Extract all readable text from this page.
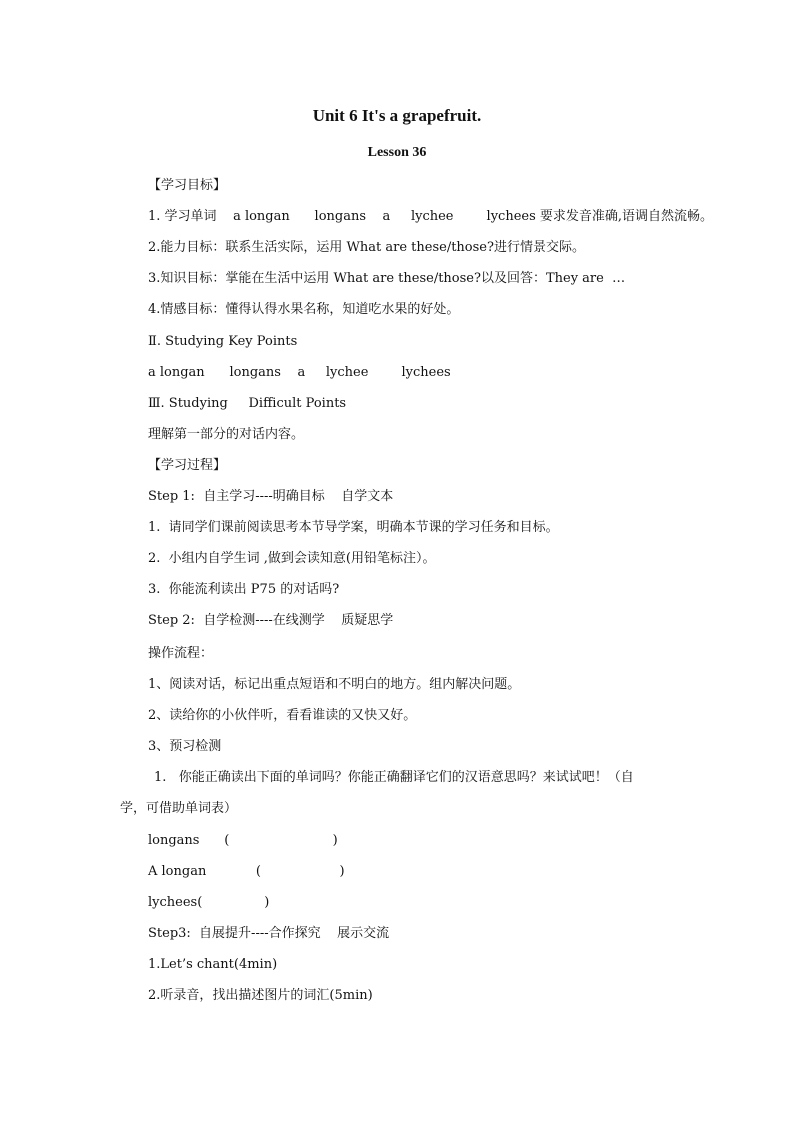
Unit 6 It's a grapefruit.
Lesson 36
【学习目标】
1. 学习单词    a longan      longans    a     lychee        lychees 要求发音准确,语调自然流畅。
2.能力目标：联系生活实际，运用 What are these/those?进行情景交际。
3.知识目标：掌能在生活中运用 What are these/those?以及回答：They are  …
4.情感目标：懂得认得水果名称，知道吃水果的好处。
Ⅱ. Studying Key Points
a longan      longans    a     lychee        lychees
Ⅲ. Studying     Difficult Points
理解第一部分的对话内容。
【学习过程】
Step 1:  自主学习----明确目标    自学文本
1.  请同学们课前阅读思考本节导学案，明确本节课的学习任务和目标。
2.  小组内自学生词 ,做到会读知意(用铅笔标注）。
3.  你能流利读出 P75 的对话吗?
Step 2:  自学检测----在线测学    质疑思学
操作流程：
1、阅读对话，标记出重点短语和不明白的地方。组内解决问题。
2、读给你的小伙伴听，看看谁读的又快又好。
3、预习检测
1.   你能正确读出下面的单词吗？你能正确翻译它们的汉语意思吗？来试试吧！（自
学，可借助单词表）
longans      (                         )
A longan            (                   )
lychees(               )
Step3:  自展提升----合作探究    展示交流
1.Let’s chant(4min)
2.听录音，找出描述图片的词汇(5min)
